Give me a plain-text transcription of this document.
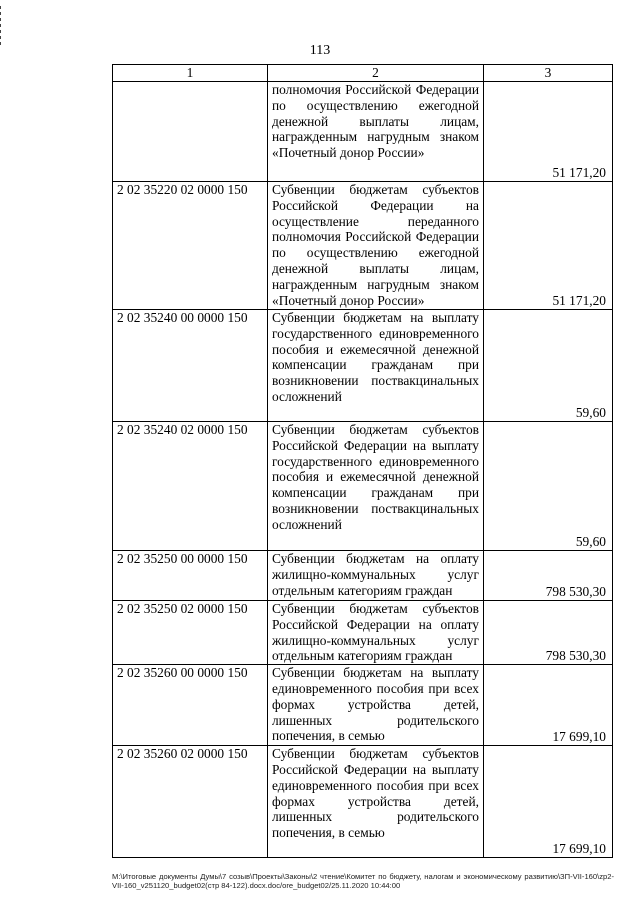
113
1	2	3
	полномочия Российской Федерации по осуществлению ежегодной денежной выплаты лицам, награжденным нагрудным знаком «Почетный донор России»	51 171,20
2 02 35220 02 0000 150	Субвенции бюджетам субъектов Российской Федерации на осуществление переданного полномочия Российской Федерации по осуществлению ежегодной денежной выплаты лицам, награжденным нагрудным знаком «Почетный донор России»	51 171,20
2 02 35240 00 0000 150	Субвенции бюджетам на выплату государственного единовременного пособия и ежемесячной денежной компенсации гражданам при возникновении поствакцинальных осложнений	59,60
2 02 35240 02 0000 150	Субвенции бюджетам субъектов Российской Федерации на выплату государственного единовременного пособия и ежемесячной денежной компенсации гражданам при возникновении поствакцинальных осложнений	59,60
2 02 35250 00 0000 150	Субвенции бюджетам на оплату жилищно-коммунальных услуг отдельным категориям граждан	798 530,30
2 02 35250 02 0000 150	Субвенции бюджетам субъектов Российской Федерации на оплату жилищно-коммунальных услуг отдельным категориям граждан	798 530,30
2 02 35260 00 0000 150	Субвенции бюджетам на выплату единовременного пособия при всех формах устройства детей, лишенных родительского попечения, в семью	17 699,10
2 02 35260 02 0000 150	Субвенции бюджетам субъектов Российской Федерации на выплату единовременного пособия при всех формах устройства детей, лишенных родительского попечения, в семью	17 699,10
M:\Итоговые документы Думы\7 созыв\Проекты\Законы\2 чтение\Комитет по бюджету, налогам и экономическому развитию\ЗП-VII-160\zp2-VII-160_v251120_budget02(стр 84-122).docx.doc/ore_budget02/25.11.2020 10:44:00
